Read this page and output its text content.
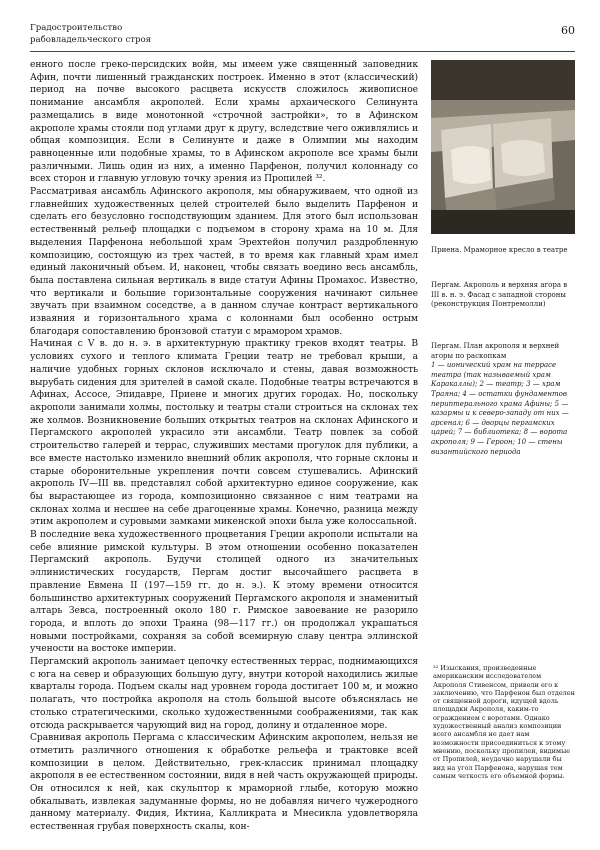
Градостроительство
рабовладельческого строя
60

енного после греко-персидских войн, мы имеем уже священный заповедник Афин, почти лишенный гражданских построек. Именно в этот (классический) период на почве высокого расцвета искусств сложилось живописное понимание ансамбля акрополей. Если храмы архаического Селинунта размещались в виде монотонной «строчной застройки», то в Афинском акрополе храмы стояли под углами друг к другу, вследствие чего оживлялись и общая композиция. Если в Селинунте и даже в Олимпии мы находим равноценные или подобные храмы, то в Афинском акрополе все храмы были различными. Лишь один из них, а именно Парфенон, получил колоннаду со всех сторон и главную угловую точку зрения из Пропилей ³².

Рассматривая ансамбль Афинского акрополя, мы обнаруживаем, что одной из главнейших художественных целей строителей было выделить Парфенон и сделать его безусловно господствующим зданием. Для этого был использован естественный рельеф площадки с подъемом в сторону храма на 10 м. Для выделения Парфенона небольшой храм Эрехтейон получил раздробленную композицию, состоящую из трех частей, в то время как главный храм имел единый лаконичный объем. И, наконец, чтобы связать воедино весь ансамбль, была поставлена сильная вертикаль в виде статуи Афины Промахос. Известно, что вертикали и большие горизонтальные сооружения начинают сильнее звучать при взаимном соседстве, а в данном случае контраст вертикального изваяния и горизонтального храма с колоннами был особенно острым благодаря сопоставлению бронзовой статуи с мрамором храмов.

Начиная с V в. до н. э. в архитектурную практику греков входят театры. В условиях сухого и теплого климата Греции театр не требовал крыши, а наличие удобных горных склонов исключало и стены, давая возможность вырубать сидения для зрителей в самой скале. Подобные театры встречаются в Афинах, Ассосе, Эпидавре, Приене и многих других городах. Но, поскольку акрополи занимали холмы, постольку и театры стали строиться на склонах тех же холмов. Возникновение больших открытых театров на склонах Афинского и Пергамского акрополей украсило эти ансамбли. Театр повлек за собой строительство галерей и террас, служивших местами прогулок для публики, а все вместе настолько изменило внешний облик акрополя, что горные склоны и старые оборонительные укрепления почти совсем стушевались. Афинский акрополь IV—III вв. представлял собой архитектурно единое сооружение, как бы вырастающее из города, композиционно связанное с ним театрами на склонах холма и несшее на себе драгоценные храмы. Конечно, разница между этим акрополем и суровыми замками микенской эпохи была уже колоссальной.

В последние века художественного процветания Греции акрополи испытали на себе влияние римской культуры. В этом отношении особенно показателен Пергамский акрополь. Будучи столицей одного из значительных эллинистических государств, Пергам достиг высочайшего расцвета в правление Евмена II (197—159 гг. до н. э.). К этому времени относится большинство архитектурных сооружений Пергамского акрополя и знаменитый алтарь Зевса, построенный около 180 г. Римское завоевание не разорило города, и вплоть до эпохи Траяна (98—117 гг.) он продолжал украшаться новыми постройками, сохраняя за собой всемирную славу центра эллинской учености на востоке империи.

Пергамский акрополь занимает цепочку естественных террас, поднимающихся с юга на север и образующих большую дугу, внутри которой находились жилые кварталы города. Подъем скалы над уровнем города достигает 100 м, и можно полагать, что постройка акрополя на столь большой высоте объяснялась не столько стратегическими, сколько художественными соображениями, так как отсюда раскрывается чарующий вид на город, долину и отдаленное море.

Сравнивая акрополь Пергама с классическим Афинским акрополем, нельзя не отметить различного отношения к обработке рельефа и трактовке всей композиции в целом. Действительно, грек-классик принимал площадку акрополя в ее естественном состоянии, видя в ней часть окружающей природы. Он относился к ней, как скульптор к мраморной глыбе, которую можно обкалывать, извлекая задуманные формы, но не добавляя ничего чужеродного данному материалу. Фидия, Иктина, Калликрата и Мнесикла удовлетворяла естественная грубая поверхность скалы, кон-

Приена. Мраморное кресло в театре

Пергам. Акрополь и верхняя агора в III в. н. э. Фасад с западной стороны (реконструкция Понтремолли)

Пергам. План акрополя и верхней агоры по раскопкам

1 — ионический храм на террасе театра (так называемый храм Каракаллы); 2 — театр; 3 — храм Траяна; 4 — остатки фундаментов периптерального храма Афины; 5 — казармы и к северо-западу от них — арсенал; 6 — дворцы пергамских царей; 7 — библиотека; 8 — ворота акрополя; 9 — Героон; 10 — стены византийского периода

³² Изыскания, произведенные американским исследователем Акрополя Стивенсом, привели его к заключению, что Парфенон был отделен от священной дороги, идущей вдоль площадки Акрополя, каким-то ограждением с воротами. Однако художественный анализ композиции всего ансамбля не дает нам возможности присоединиться к этому мнению, поскольку пропилеи, видимые от Пропилей, неудачно нарушали бы вид на угол Парфенона, нарушая тем самым четкость его объемной формы.
